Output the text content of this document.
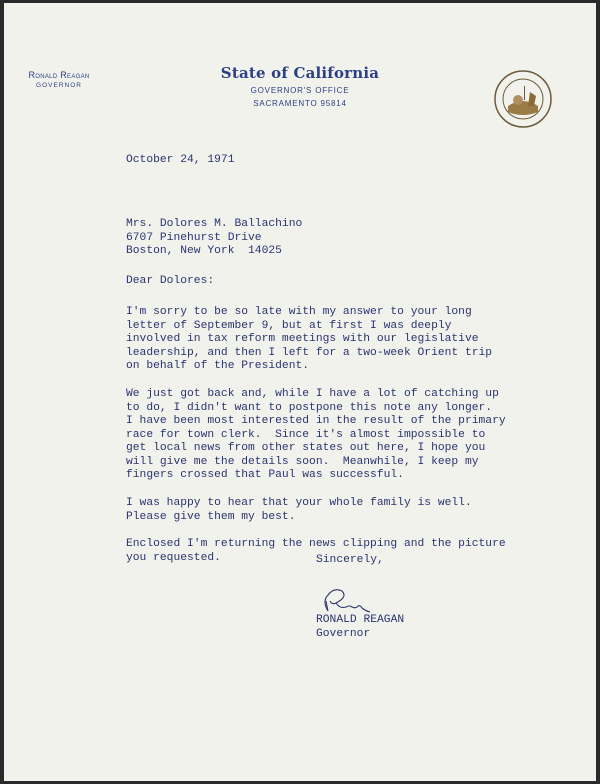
Ronald Reagan
GOVERNOR
State of California
GOVERNOR'S OFFICE
SACRAMENTO 95814
October 24, 1971
Mrs. Dolores M. Ballachino
6707 Pinehurst Drive
Boston, New York  14025
Dear Dolores:
I'm sorry to be so late with my answer to your long
letter of September 9, but at first I was deeply
involved in tax reform meetings with our legislative
leadership, and then I left for a two-week Orient trip
on behalf of the President.
We just got back and, while I have a lot of catching up
to do, I didn't want to postpone this note any longer.
I have been most interested in the result of the primary
race for town clerk.  Since it's almost impossible to
get local news from other states out here, I hope you
will give me the details soon.  Meanwhile, I keep my
fingers crossed that Paul was successful.
I was happy to hear that your whole family is well.
Please give them my best.
Enclosed I'm returning the news clipping and the picture
you requested.	Sincerely,
RONALD REAGAN
Governor
